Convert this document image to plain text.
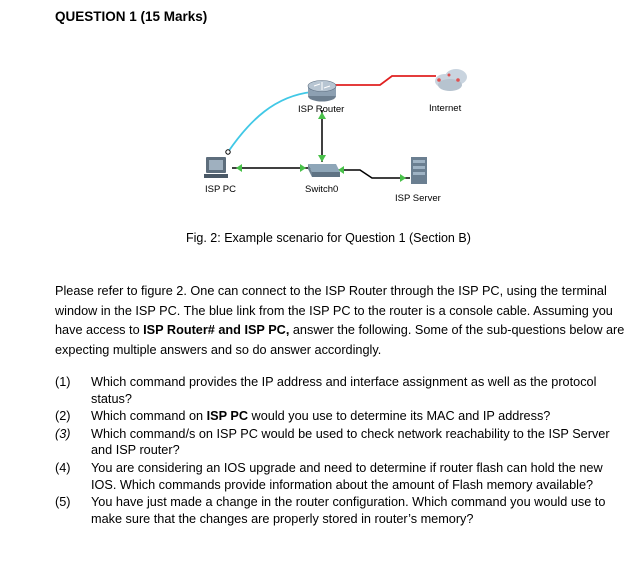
QUESTION 1 (15 Marks)
ISP Router	Internet
ISP PC	Switch0
ISP Server
Fig. 2: Example scenario for Question 1 (Section B)
Please refer to figure 2. One can connect to the ISP Router through the ISP PC, using the terminal window in the ISP PC. The blue link from the ISP PC to the router is a console cable. Assuming you have access to ISP Router# and ISP PC, answer the following. Some of the sub-questions below are expecting multiple answers and so do answer accordingly.
(1)	Which command provides the IP address and interface assignment as well as the protocol status?
(2)	Which command on ISP PC would you use to determine its MAC and IP address?
(3)	Which command/s on ISP PC would be used to check network reachability to the ISP Server and ISP router?
(4)	You are considering an IOS upgrade and need to determine if router flash can hold the new IOS. Which commands provide information about the amount of Flash memory available?
(5)	You have just made a change in the router configuration. Which command you would use to make sure that the changes are properly stored in router’s memory?
